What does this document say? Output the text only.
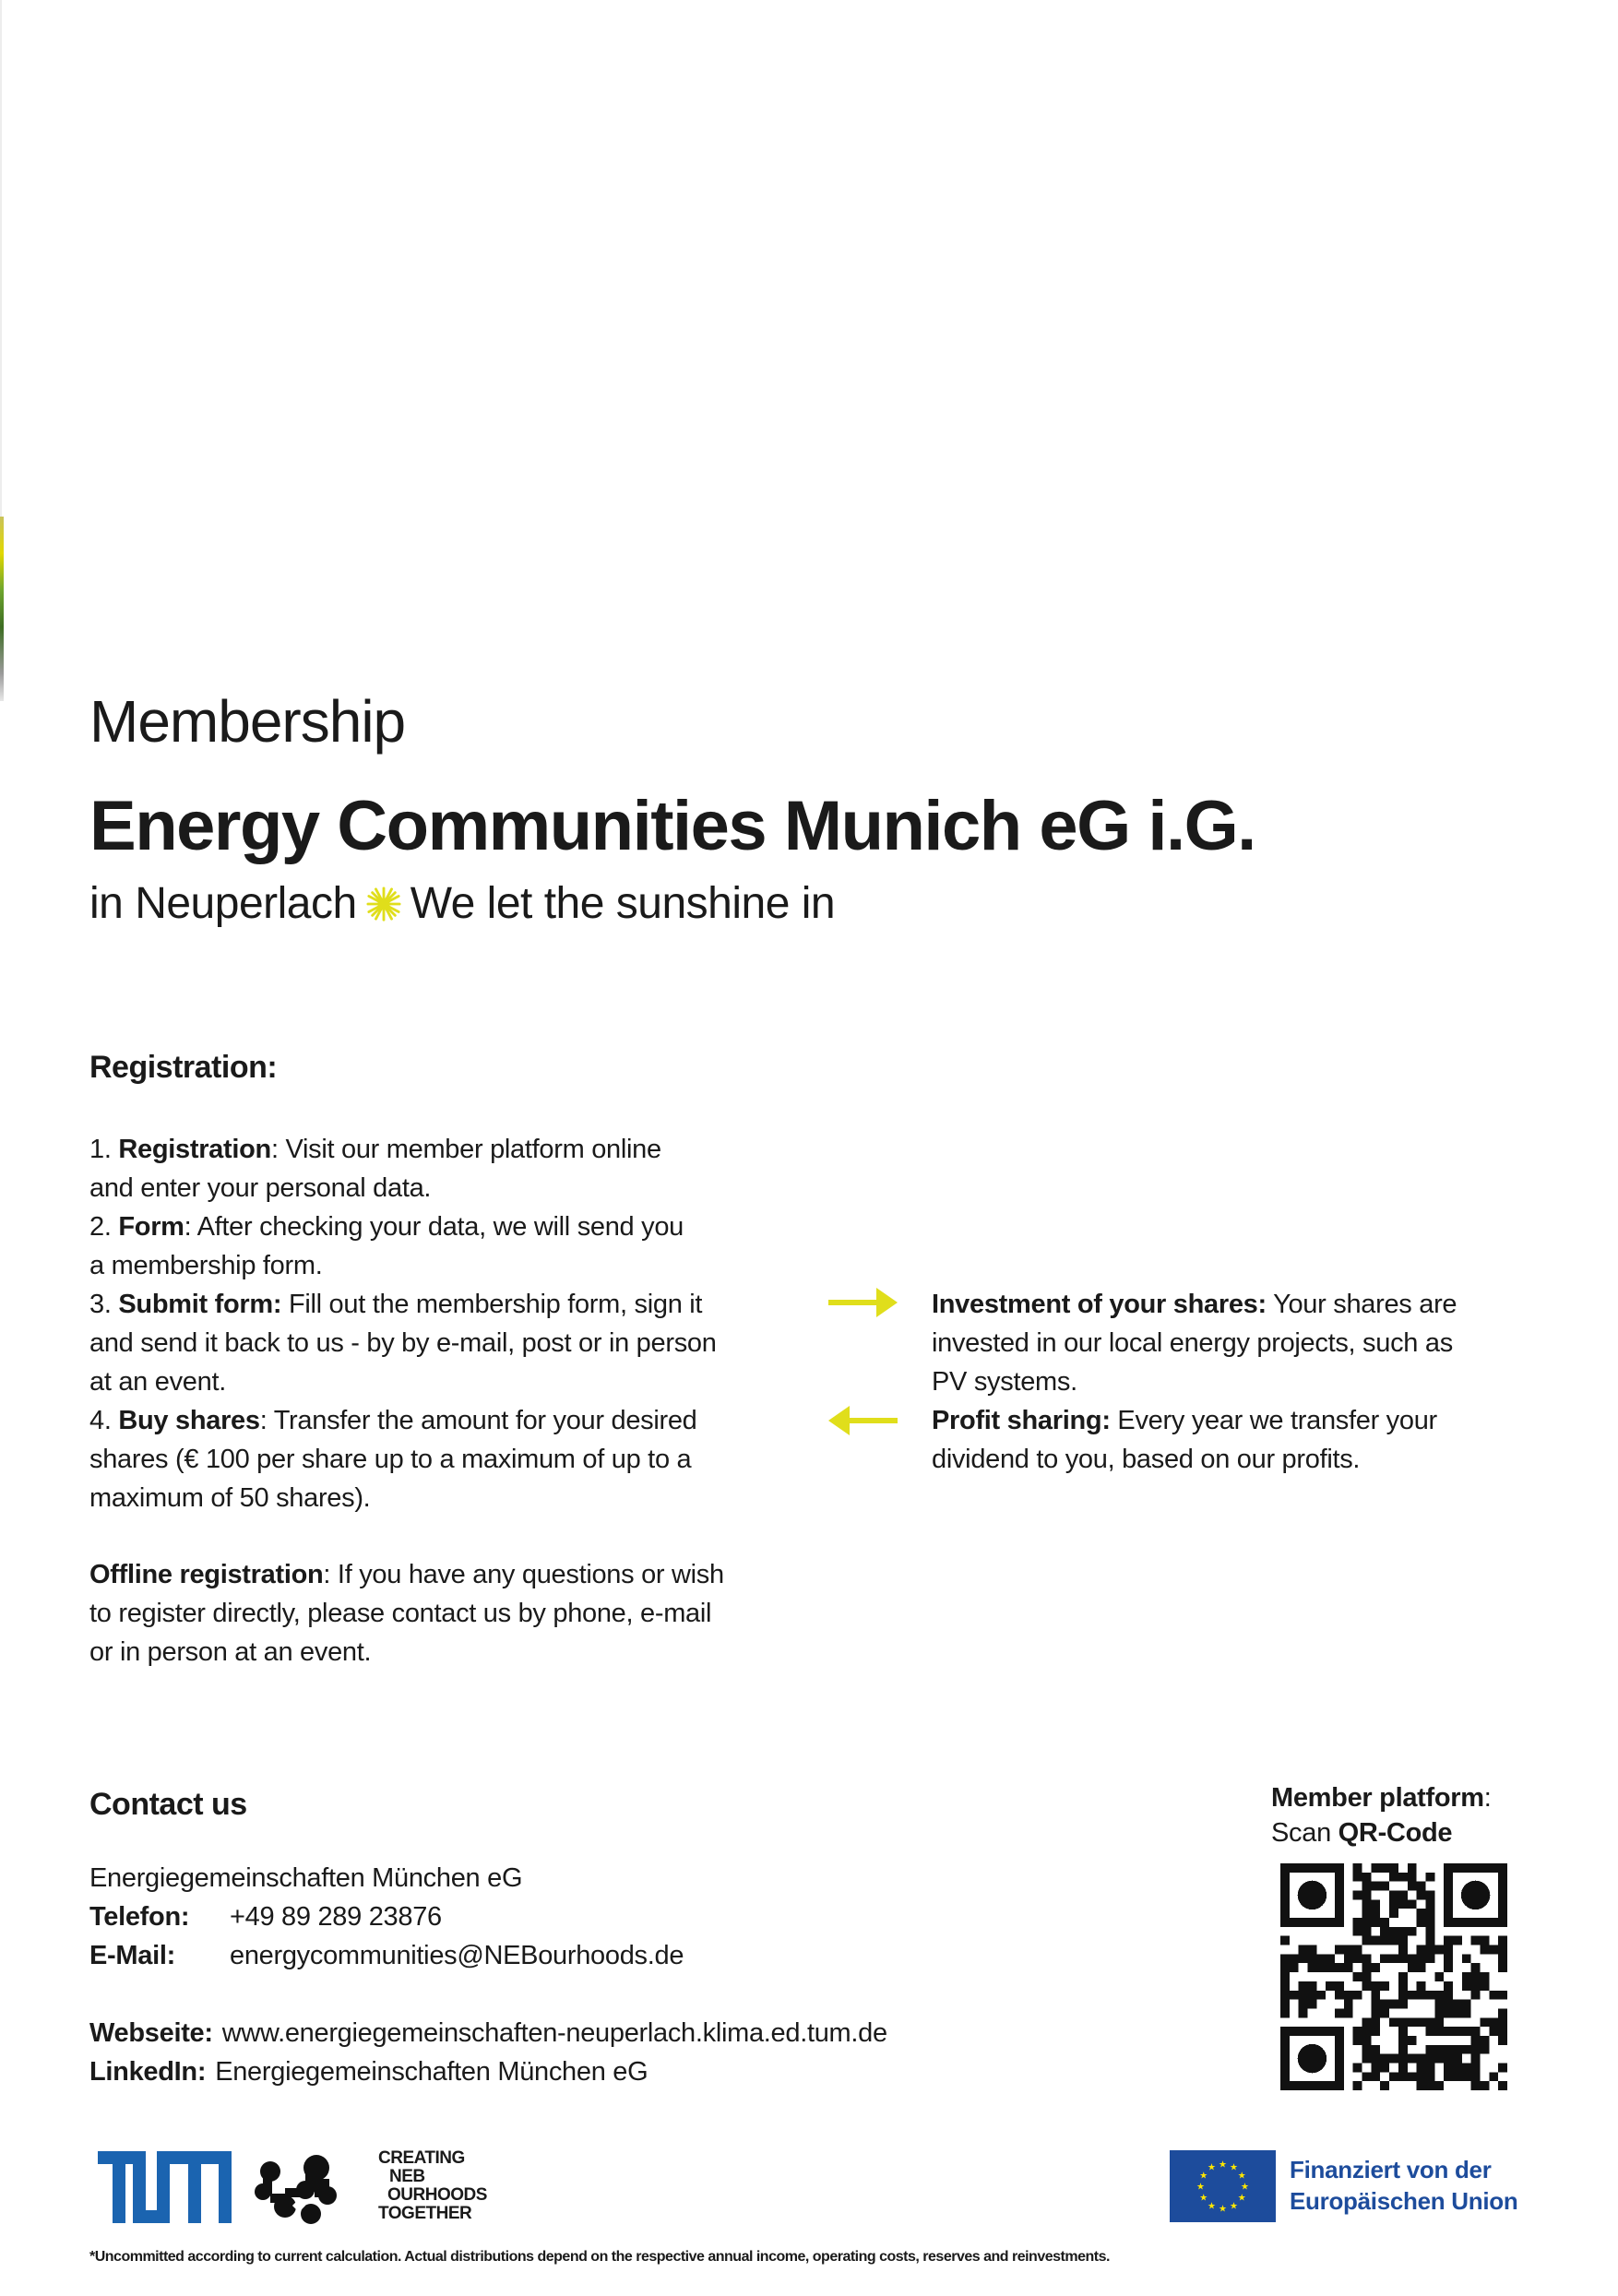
Membership
Energy Communities Munich eG i.G.
in Neuperlach We let the sunshine in
Registration:

1. Registration: Visit our member platform online
and enter your personal data.

2. Form: After checking your data, we will send you
a membership form.

3. Submit form: Fill out the membership form, sign it
and send it back to us - by by e-mail, post or in person
at an event.

4. Buy shares: Transfer the amount for your desired
shares (€ 100 per share up to a maximum of up to a
maximum of 50 shares).

Offline registration: If you have any questions or wish
to register directly, please contact us by phone, e-mail
or in person at an event.

Investment of your shares: Your shares are
invested in our local energy projects, such as
PV systems.

Profit sharing: Every year we transfer your
dividend to you, based on our profits.

Contact us
Energiegemeinschaften München eG
Telefon:	+49 89 289 23876
E-Mail:	energycommunities@NEBourhoods.de
Webseite: www.energiegemeinschaften-neuperlach.klima.ed.tum.de
LinkedIn: Energiegemeinschaften München eG
Member platform:
Scan QR-Code
CREATING
NEB
OURHOODS
TOGETHER
★ ★
★
★
★
★
★
★
★
★
★
★	Finanziert von der
Europäischen Union
*Uncommitted according to current calculation. Actual distributions depend on the respective annual income, operating costs, reserves and reinvestments.
